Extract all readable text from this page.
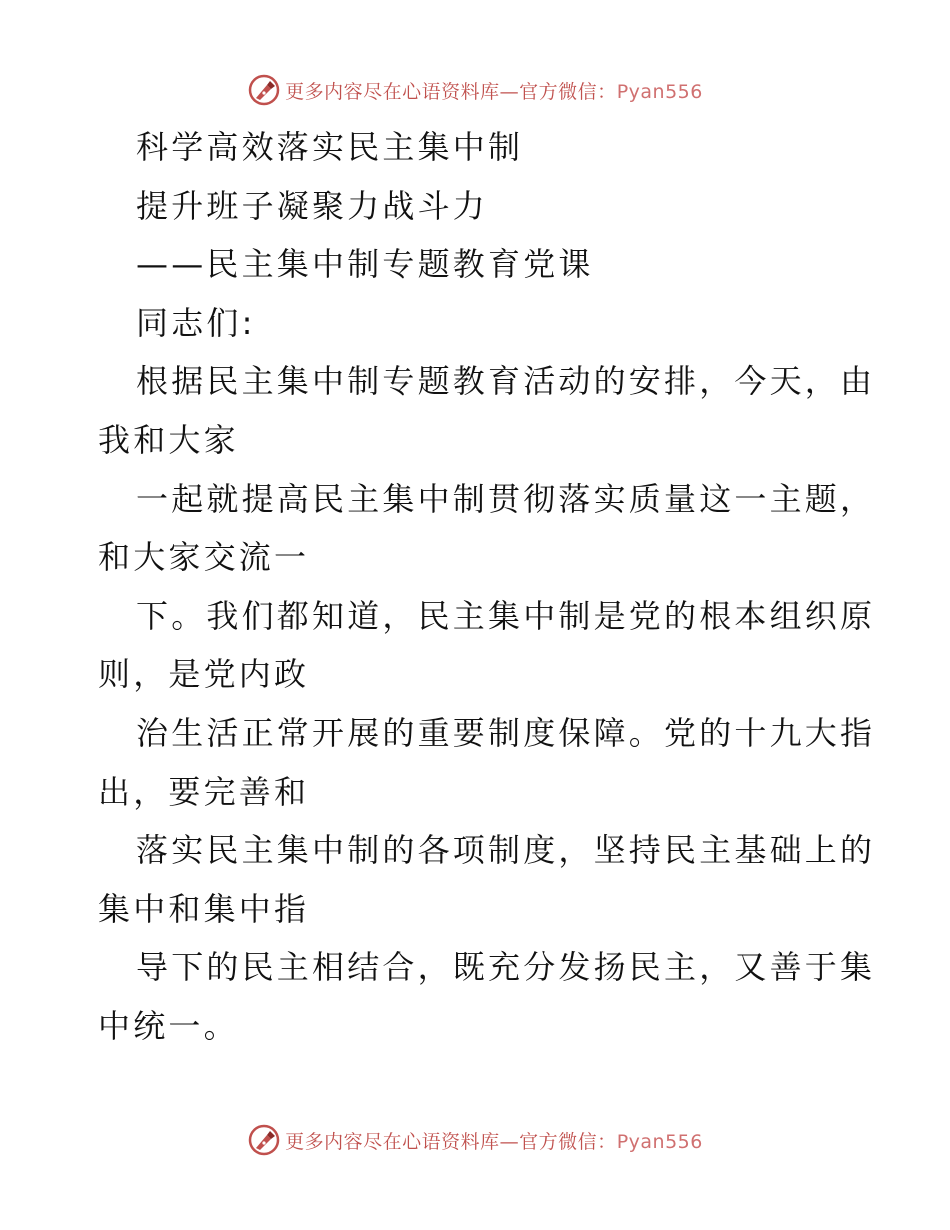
更多内容尽在心语资料库—官方微信：Pyan556
科学高效落实民主集中制
提升班子凝聚力战斗力
——民主集中制专题教育党课
同志们:
根据民主集中制专题教育活动的安排，今天，由
我和大家
一起就提高民主集中制贯彻落实质量这一主题，
和大家交流一
下。我们都知道，民主集中制是党的根本组织原
则，是党内政
治生活正常开展的重要制度保障。党的十九大指
出，要完善和
落实民主集中制的各项制度，坚持民主基础上的
集中和集中指
导下的民主相结合，既充分发扬民主，又善于集
中统一。
更多内容尽在心语资料库—官方微信：Pyan556
